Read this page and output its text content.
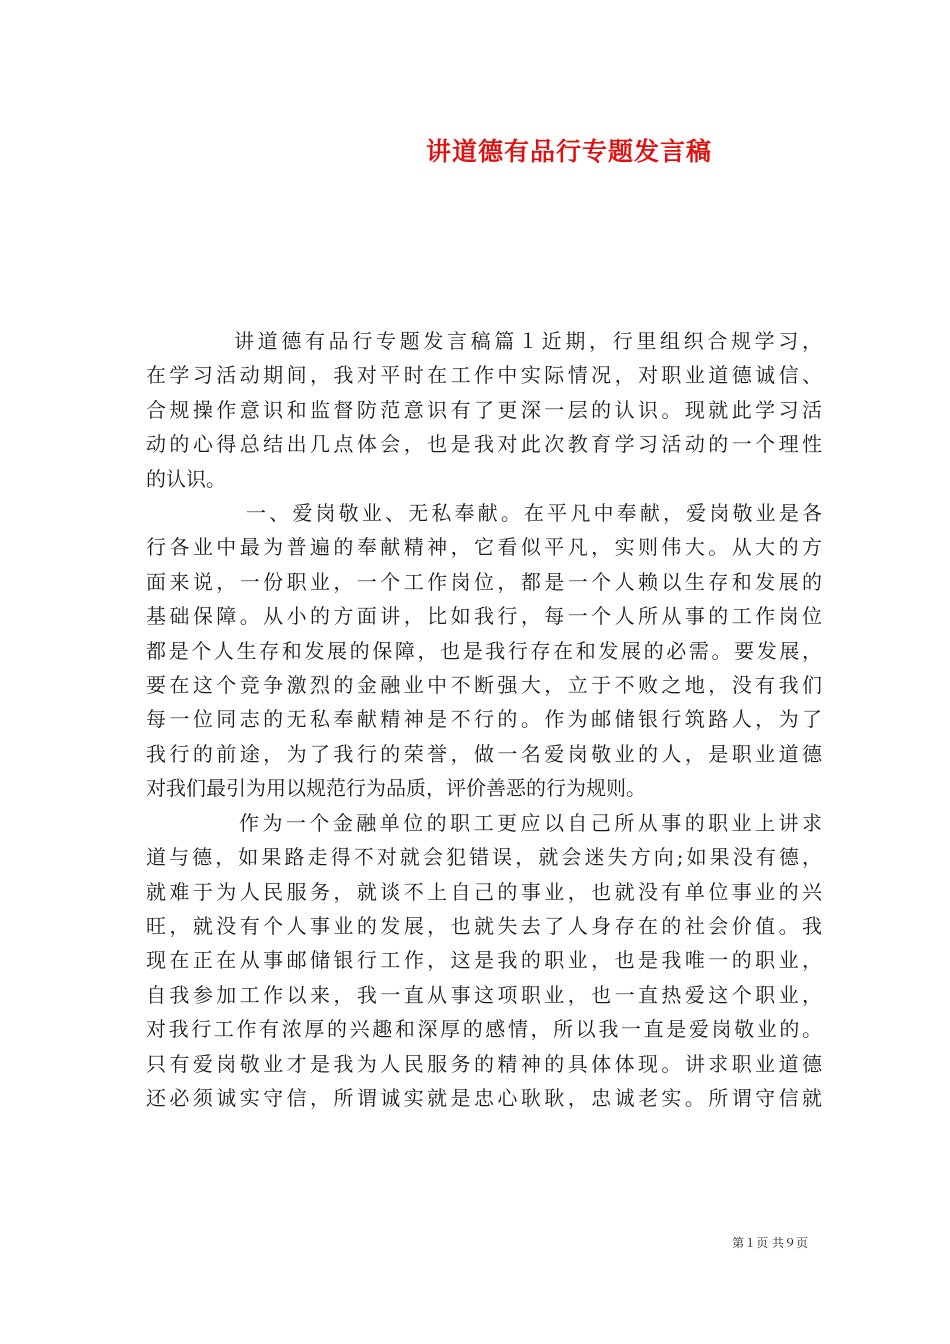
讲道德有品行专题发言稿

讲道德有品行专题发言稿篇１近期，行里组织合规学习，
在学习活动期间，我对平时在工作中实际情况，对职业道德诚信、
合规操作意识和监督防范意识有了更深一层的认识。现就此学习活
动的心得总结出几点体会，也是我对此次教育学习活动的一个理性
的认识。

一、爱岗敬业、无私奉献。在平凡中奉献，爱岗敬业是各
行各业中最为普遍的奉献精神，它看似平凡，实则伟大。从大的方
面来说，一份职业，一个工作岗位，都是一个人赖以生存和发展的
基础保障。从小的方面讲，比如我行，每一个人所从事的工作岗位
都是个人生存和发展的保障，也是我行存在和发展的必需。要发展，
要在这个竞争激烈的金融业中不断强大，立于不败之地，没有我们
每一位同志的无私奉献精神是不行的。作为邮储银行筑路人，为了
我行的前途，为了我行的荣誉，做一名爱岗敬业的人，是职业道德
对我们最引为用以规范行为品质，评价善恶的行为规则。

作为一个金融单位的职工更应以自己所从事的职业上讲求
道与德，如果路走得不对就会犯错误，就会迷失方向;如果没有德，
就难于为人民服务，就谈不上自己的事业，也就没有单位事业的兴
旺，就没有个人事业的发展，也就失去了人身存在的社会价值。我
现在正在从事邮储银行工作，这是我的职业，也是我唯一的职业，
自我参加工作以来，我一直从事这项职业，也一直热爱这个职业，
对我行工作有浓厚的兴趣和深厚的感情，所以我一直是爱岗敬业的。
只有爱岗敬业才是我为人民服务的精神的具体体现。讲求职业道德
还必须诚实守信，所谓诚实就是忠心耿耿，忠诚老实。所谓守信就

第１页 共９页
